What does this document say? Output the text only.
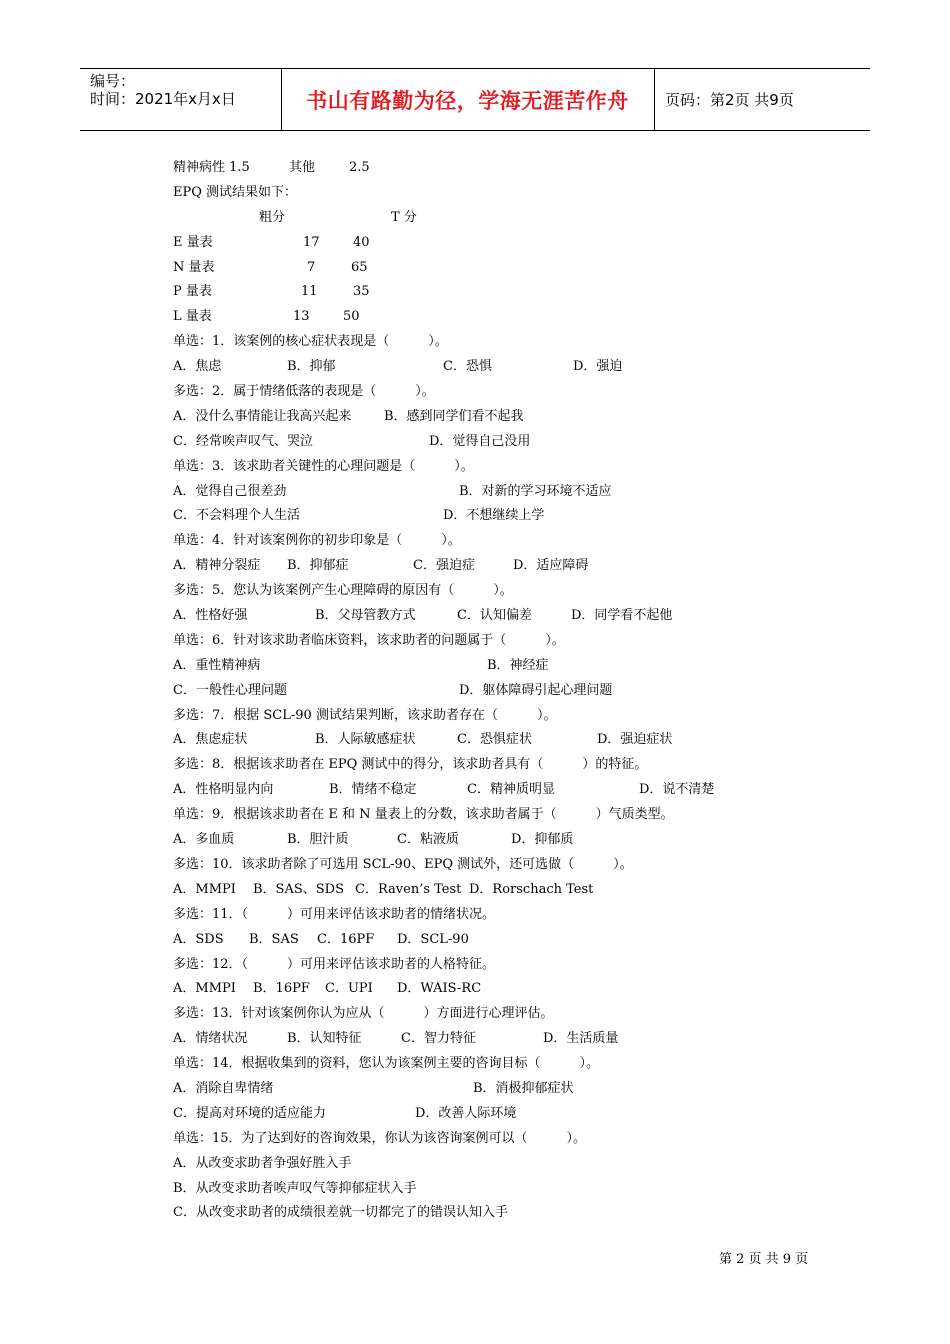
编号：
时间：2021年x月x日	书山有路勤为径，学海无涯苦作舟	页码：第2页 共9页
精神病性 1.5	其他	2.5
EPQ 测试结果如下：
粗分	T 分
E 量表	17	40
N 量表	7	65
P 量表	11	35
L 量表	13	50
单选：1．该案例的核心症状表现是（　　　）。
A．焦虑	B．抑郁	C．恐惧	D．强迫
多选：2．属于情绪低落的表现是（　　　）。
A．没什么事情能让我高兴起来	B．感到同学们看不起我
C．经常唉声叹气、哭泣	D．觉得自己没用
单选：3．该求助者关键性的心理问题是（　　　）。
A．觉得自己很差劲	B．对新的学习环境不适应
C．不会料理个人生活	D．不想继续上学
单选：4．针对该案例你的初步印象是（　　　）。
A．精神分裂症 B．抑郁症	C．强迫症	D．适应障碍
多选：5．您认为该案例产生心理障碍的原因有（　　　）。
A．性格好强	B．父母管教方式	C．认知偏差	D．同学看不起他
单选：6．针对该求助者临床资料，该求助者的问题属于（　　　）。
A．重性精神病	B．神经症
C．一般性心理问题	D．躯体障碍引起心理问题
多选：7．根据 SCL-90 测试结果判断，该求助者存在（　　　）。
A．焦虑症状	B．人际敏感症状	C．恐惧症状	D．强迫症状
多选：8．根据该求助者在 EPQ 测试中的得分，该求助者具有（　　　）的特征。
A．性格明显内向	B．情绪不稳定	C．精神质明显	D．说不清楚
单选：9．根据该求助者在 E 和 N 量表上的分数，该求助者属于（　　　）气质类型。
A．多血质	B．胆汁质	C．粘液质	D．抑郁质
多选：10．该求助者除了可选用 SCL-90、EPQ 测试外，还可选做（　　　）。
A．MMPI B．SAS、SDS C．Raven’s Test D．Rorschach Test
多选：11．（　　　）可用来评估该求助者的情绪状况。
A．SDS B．SAS C．16PF D．SCL-90
多选：12．（　　　）可用来评估该求助者的人格特征。
A．MMPI B．16PF C．UPI D．WAIS-RC
多选：13．针对该案例你认为应从（　　　）方面进行心理评估。
A．情绪状况	B．认知特征	C．智力特征	D．生活质量
单选：14．根据收集到的资料，您认为该案例主要的咨询目标（　　　）。
A．消除自卑情绪	B．消极抑郁症状
C．提高对环境的适应能力	D．改善人际环境
单选：15．为了达到好的咨询效果，你认为该咨询案例可以（　　　）。
A．从改变求助者争强好胜入手
B．从改变求助者唉声叹气等抑郁症状入手
C．从改变求助者的成绩很差就一切都完了的错误认知入手
第 2 页 共 9 页
